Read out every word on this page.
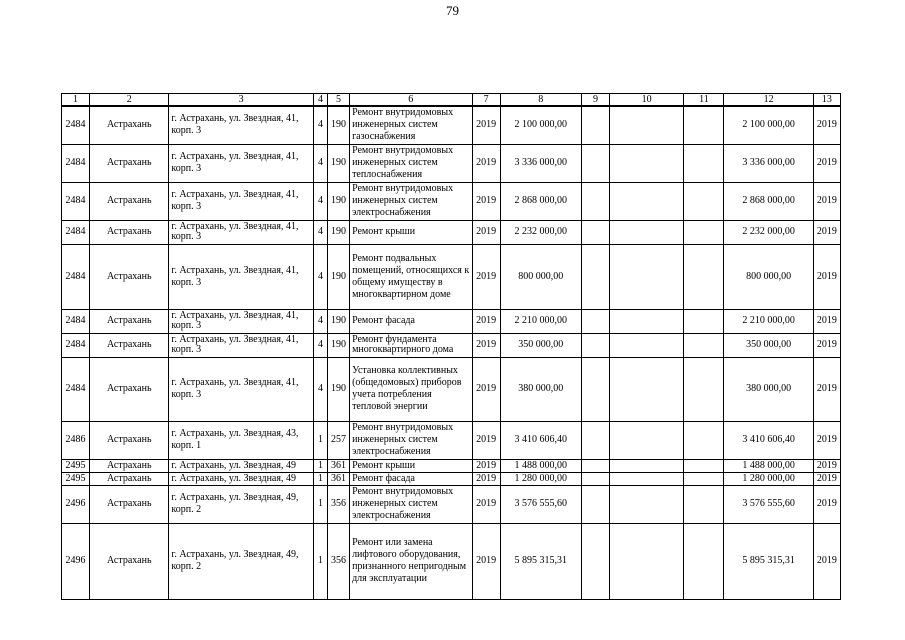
79
1	2	3	4	5	6	7	8	9	10	11	12	13
2484	Астрахань	г. Астрахань, ул. Звездная, 41, корп. 3	4	190	Ремонт внутридомовых инженерных систем газоснабжения	2019	2 100 000,00				2 100 000,00	2019
2484	Астрахань	г. Астрахань, ул. Звездная, 41, корп. 3	4	190	Ремонт внутридомовых инженерных систем теплоснабжения	2019	3 336 000,00				3 336 000,00	2019
2484	Астрахань	г. Астрахань, ул. Звездная, 41, корп. 3	4	190	Ремонт внутридомовых инженерных систем электроснабжения	2019	2 868 000,00				2 868 000,00	2019
2484	Астрахань	г. Астрахань, ул. Звездная, 41, корп. 3	4	190	Ремонт крыши	2019	2 232 000,00				2 232 000,00	2019
2484	Астрахань	г. Астрахань, ул. Звездная, 41, корп. 3	4	190	Ремонт подвальных помещений, относящихся к общему имуществу в многоквартирном доме	2019	800 000,00				800 000,00	2019
2484	Астрахань	г. Астрахань, ул. Звездная, 41, корп. 3	4	190	Ремонт фасада	2019	2 210 000,00				2 210 000,00	2019
2484	Астрахань	г. Астрахань, ул. Звездная, 41, корп. 3	4	190	Ремонт фундамента многоквартирного дома	2019	350 000,00				350 000,00	2019
2484	Астрахань	г. Астрахань, ул. Звездная, 41, корп. 3	4	190	Установка коллективных (общедомовых) приборов учета потребления тепловой энергии	2019	380 000,00				380 000,00	2019
2486	Астрахань	г. Астрахань, ул. Звездная, 43, корп. 1	1	257	Ремонт внутридомовых инженерных систем электроснабжения	2019	3 410 606,40				3 410 606,40	2019
2495	Астрахань	г. Астрахань, ул. Звездная, 49	1	361	Ремонт крыши	2019	1 488 000,00				1 488 000,00	2019
2495	Астрахань	г. Астрахань, ул. Звездная, 49	1	361	Ремонт фасада	2019	1 280 000,00				1 280 000,00	2019
2496	Астрахань	г. Астрахань, ул. Звездная, 49, корп. 2	1	356	Ремонт внутридомовых инженерных систем электроснабжения	2019	3 576 555,60				3 576 555,60	2019
2496	Астрахань	г. Астрахань, ул. Звездная, 49, корп. 2	1	356	Ремонт или замена лифтового оборудования, признанного непригодным для эксплуатации	2019	5 895 315,31				5 895 315,31	2019
